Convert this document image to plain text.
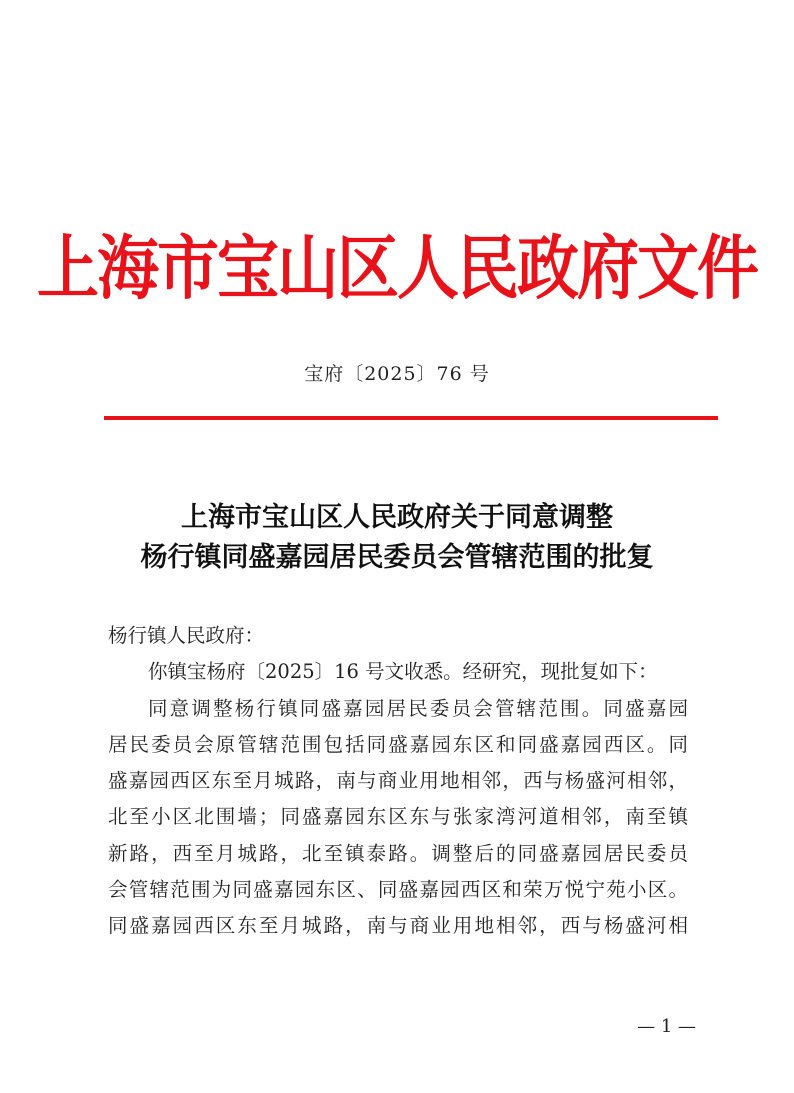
上海市宝山区人民政府文件
宝府〔2025〕76 号
上海市宝山区人民政府关于同意调整
杨行镇同盛嘉园居民委员会管辖范围的批复
杨行镇人民政府：
你镇宝杨府〔2025〕16 号文收悉。经研究，现批复如下：
同意调整杨行镇同盛嘉园居民委员会管辖范围。同盛嘉园
居民委员会原管辖范围包括同盛嘉园东区和同盛嘉园西区。同
盛嘉园西区东至月城路，南与商业用地相邻，西与杨盛河相邻，
北至小区北围墙；同盛嘉园东区东与张家湾河道相邻，南至镇
新路，西至月城路，北至镇泰路。调整后的同盛嘉园居民委员
会管辖范围为同盛嘉园东区、同盛嘉园西区和荣万悦宁苑小区。
同盛嘉园西区东至月城路，南与商业用地相邻，西与杨盛河相
— 1 —
